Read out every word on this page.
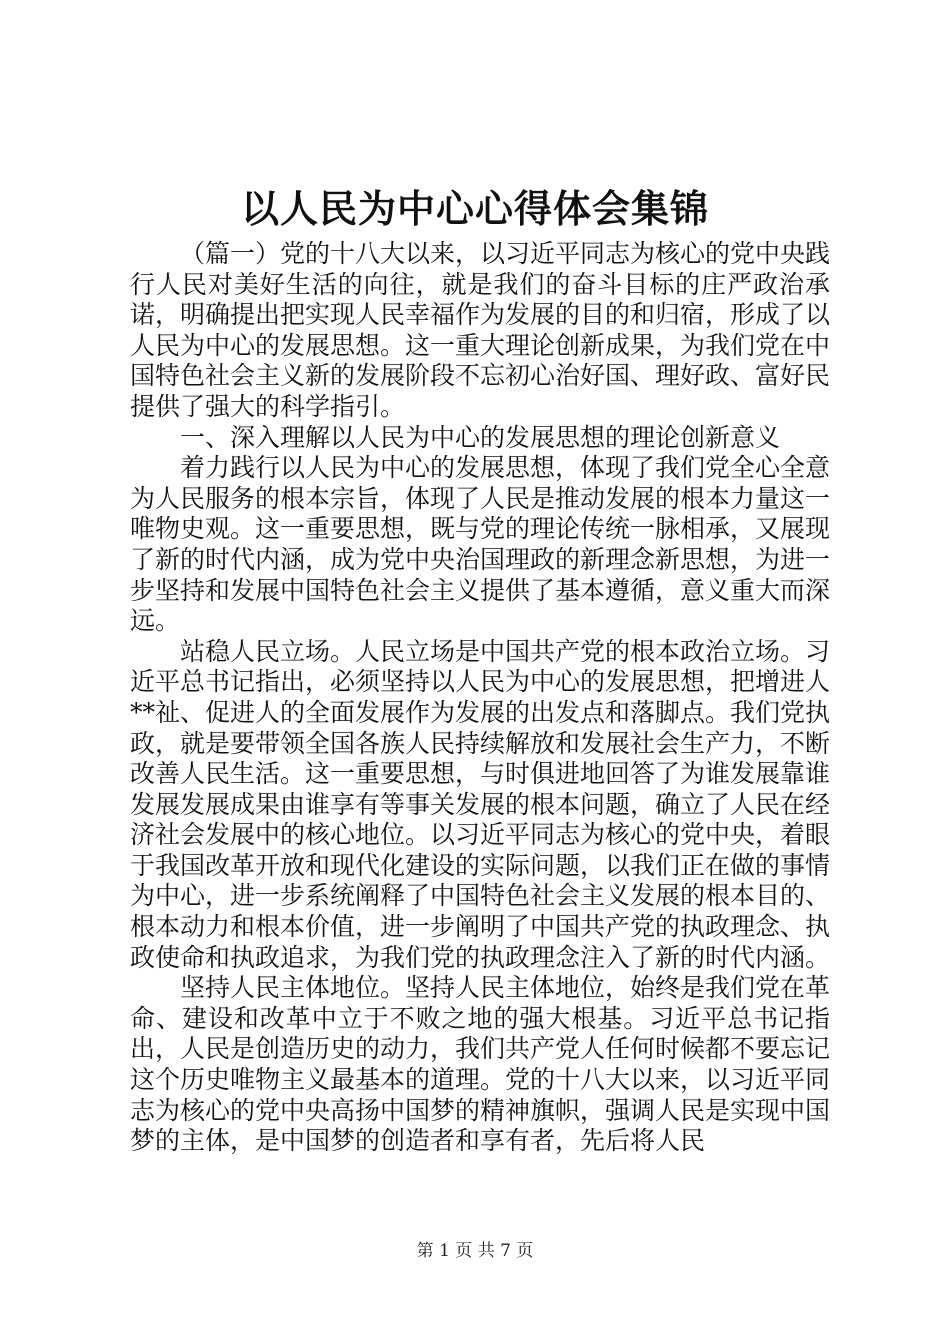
以人民为中心心得体会集锦

（篇一）党的十八大以来，以习近平同志为核心的党中央践行人民对美好生活的向往，就是我们的奋斗目标的庄严政治承诺，明确提出把实现人民幸福作为发展的目的和归宿，形成了以人民为中心的发展思想。这一重大理论创新成果，为我们党在中国特色社会主义新的发展阶段不忘初心治好国、理好政、富好民提供了强大的科学指引。

一、深入理解以人民为中心的发展思想的理论创新意义

着力践行以人民为中心的发展思想，体现了我们党全心全意为人民服务的根本宗旨，体现了人民是推动发展的根本力量这一唯物史观。这一重要思想，既与党的理论传统一脉相承，又展现了新的时代内涵，成为党中央治国理政的新理念新思想，为进一步坚持和发展中国特色社会主义提供了基本遵循，意义重大而深远。

站稳人民立场。人民立场是中国共产党的根本政治立场。习近平总书记指出，必须坚持以人民为中心的发展思想，把增进人**祉、促进人的全面发展作为发展的出发点和落脚点。我们党执政，就是要带领全国各族人民持续解放和发展社会生产力，不断改善人民生活。这一重要思想，与时俱进地回答了为谁发展靠谁发展发展成果由谁享有等事关发展的根本问题，确立了人民在经济社会发展中的核心地位。以习近平同志为核心的党中央，着眼于我国改革开放和现代化建设的实际问题，以我们正在做的事情为中心，进一步系统阐释了中国特色社会主义发展的根本目的、根本动力和根本价值，进一步阐明了中国共产党的执政理念、执政使命和执政追求，为我们党的执政理念注入了新的时代内涵。

坚持人民主体地位。坚持人民主体地位，始终是我们党在革命、建设和改革中立于不败之地的强大根基。习近平总书记指出，人民是创造历史的动力，我们共产党人任何时候都不要忘记这个历史唯物主义最基本的道理。党的十八大以来，以习近平同志为核心的党中央高扬中国梦的精神旗帜，强调人民是实现中国梦的主体，是中国梦的创造者和享有者，先后将人民

第 1 页 共 7 页
